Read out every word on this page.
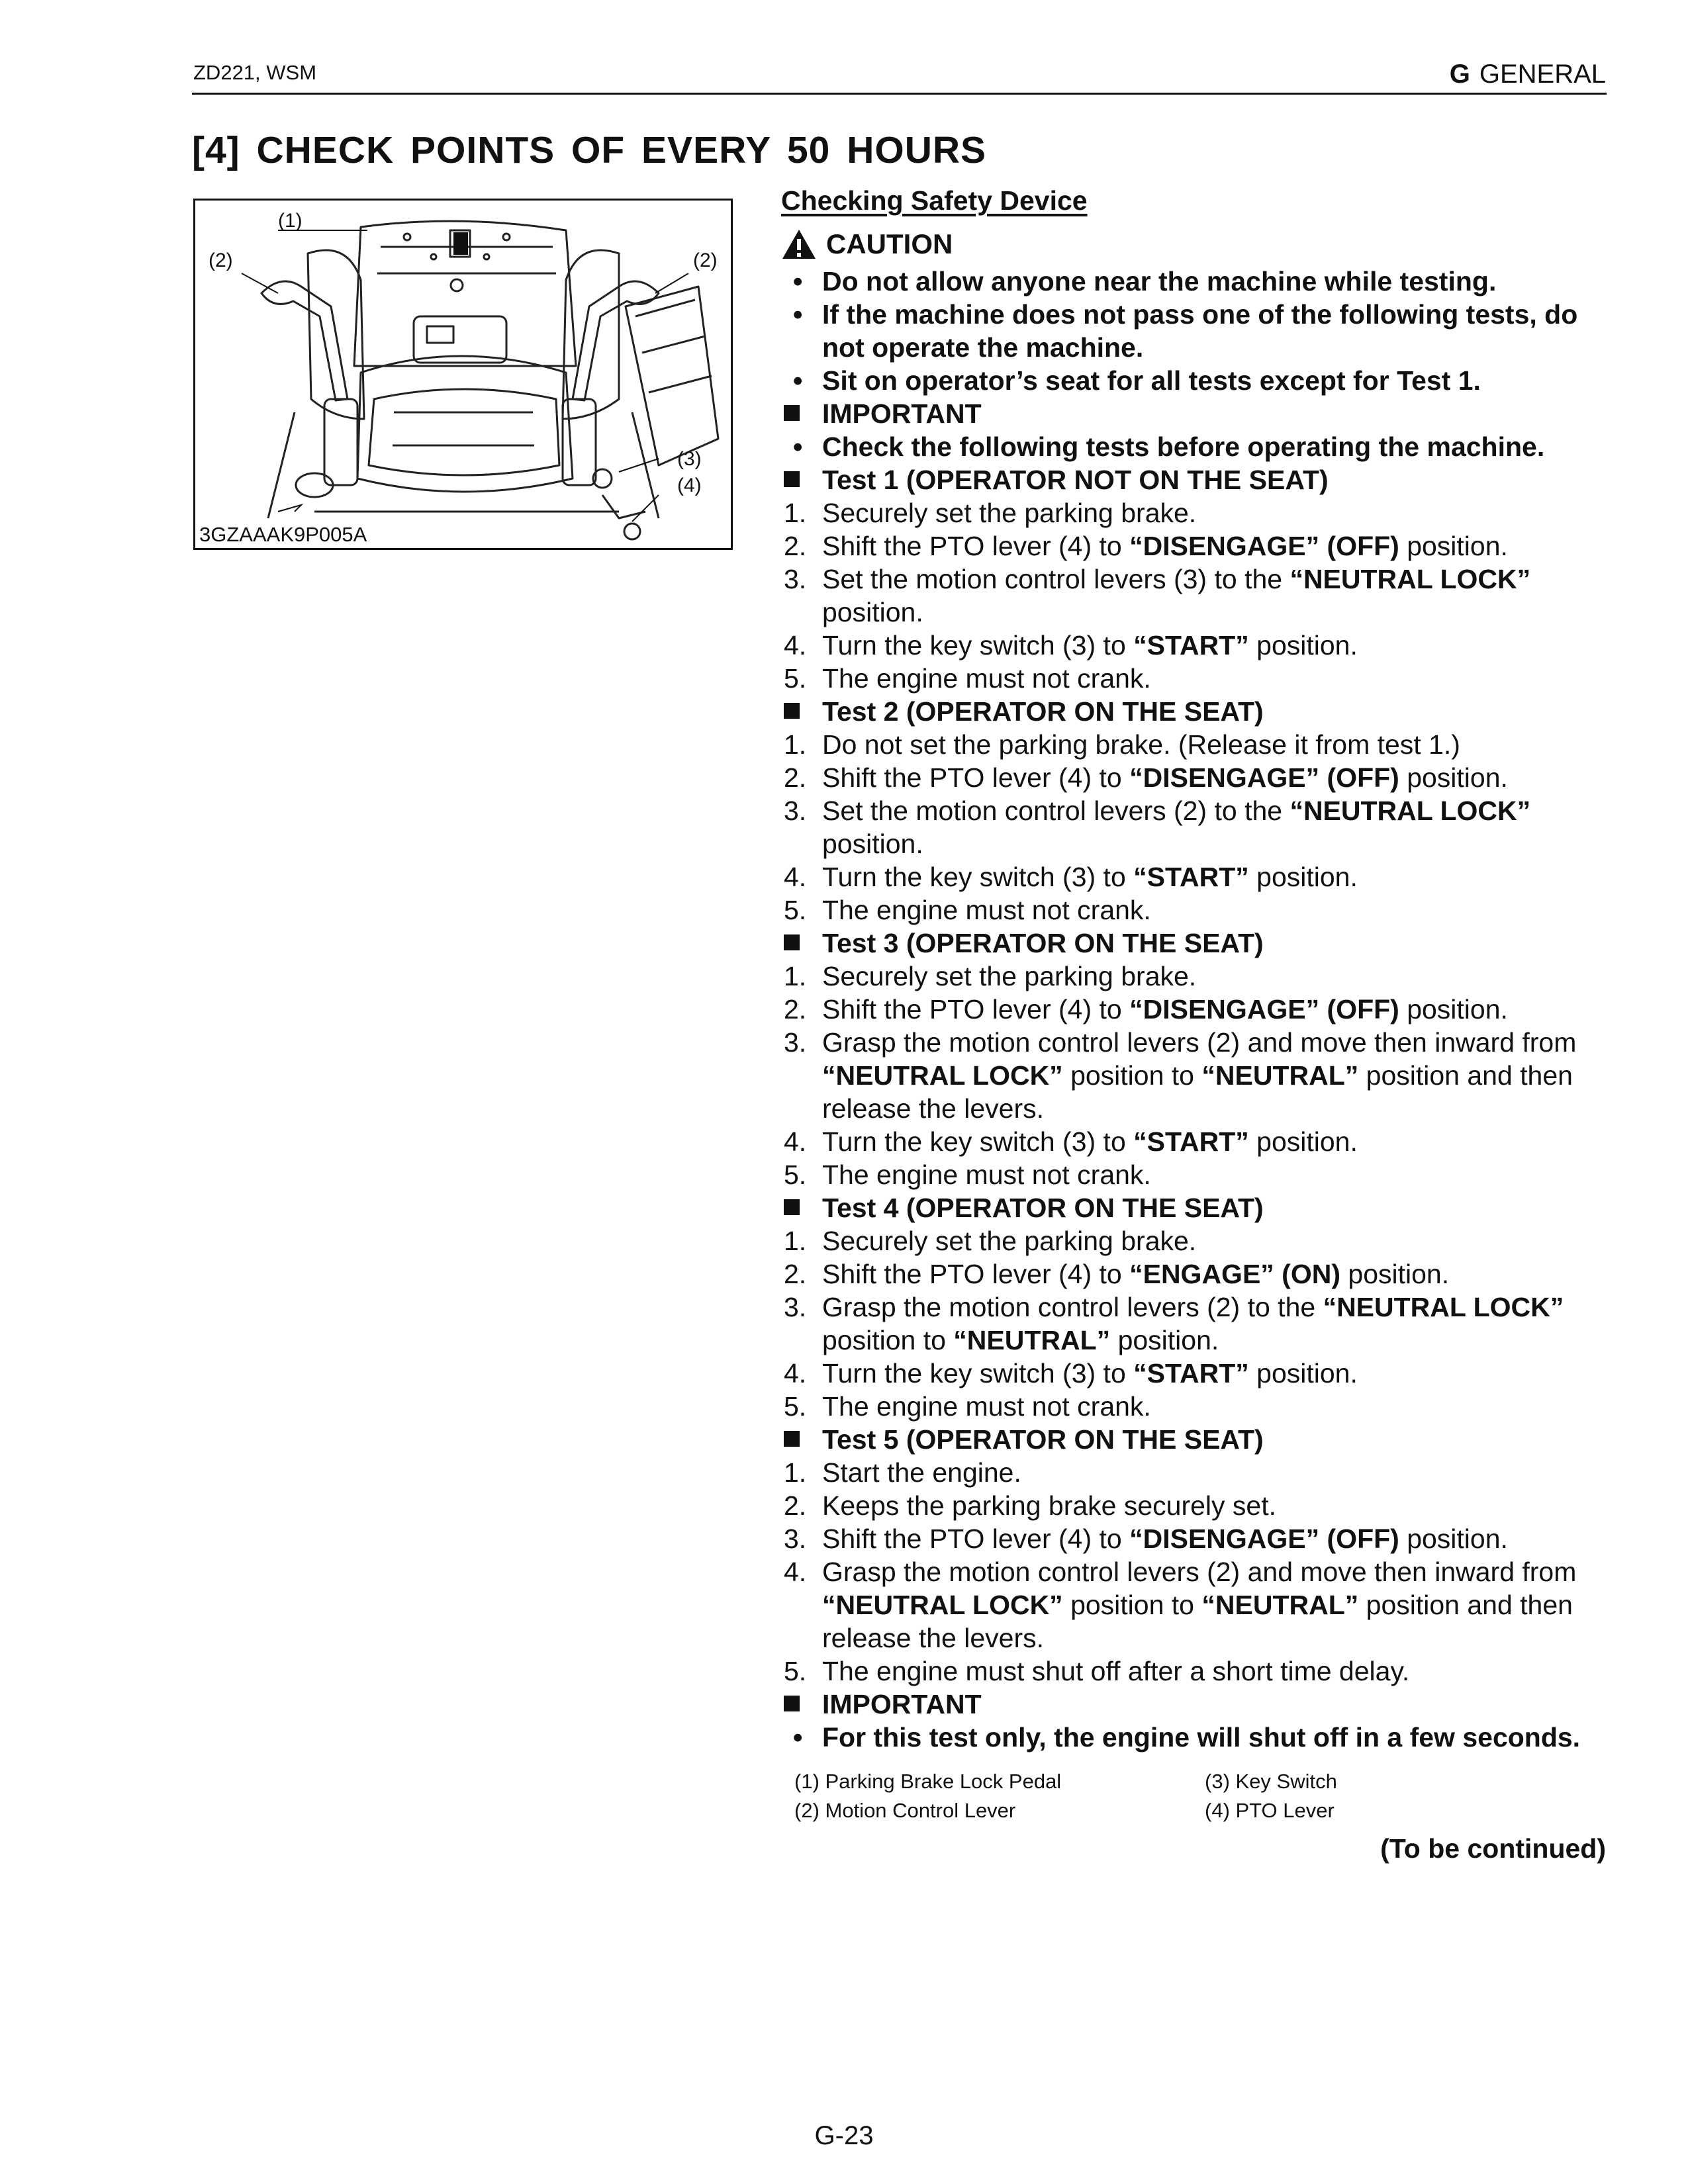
ZD221, WSM	G GENERAL
[4] CHECK POINTS OF EVERY 50 HOURS
(1)
(2)	(2)
(3)
(4)
3GZAAAK9P005A
Checking Safety Device
CAUTION
• Do not allow anyone near the machine while testing.
• If the machine does not pass one of the following tests, do not operate the machine.
• Sit on operator’s seat for all tests except for Test 1.
IMPORTANT
• Check the following tests before operating the machine.
Test 1 (OPERATOR NOT ON THE SEAT)
1. Securely set the parking brake.
2. Shift the PTO lever (4) to “DISENGAGE” (OFF) position.
3. Set the motion control levers (3) to the “NEUTRAL LOCK” position.
4. Turn the key switch (3) to “START” position.
5. The engine must not crank.
Test 2 (OPERATOR ON THE SEAT)
1. Do not set the parking brake. (Release it from test 1.)
2. Shift the PTO lever (4) to “DISENGAGE” (OFF) position.
3. Set the motion control levers (2) to the “NEUTRAL LOCK” position.
4. Turn the key switch (3) to “START” position.
5. The engine must not crank.
Test 3 (OPERATOR ON THE SEAT)
1. Securely set the parking brake.
2. Shift the PTO lever (4) to “DISENGAGE” (OFF) position.
3. Grasp the motion control levers (2) and move then inward from “NEUTRAL LOCK” position to “NEUTRAL” position and then release the levers.
4. Turn the key switch (3) to “START” position.
5. The engine must not crank.
Test 4 (OPERATOR ON THE SEAT)
1. Securely set the parking brake.
2. Shift the PTO lever (4) to “ENGAGE” (ON) position.
3. Grasp the motion control levers (2) to the “NEUTRAL LOCK” position to “NEUTRAL” position.
4. Turn the key switch (3) to “START” position.
5. The engine must not crank.
Test 5 (OPERATOR ON THE SEAT)
1. Start the engine.
2. Keeps the parking brake securely set.
3. Shift the PTO lever (4) to “DISENGAGE” (OFF) position.
4. Grasp the motion control levers (2) and move then inward from “NEUTRAL LOCK” position to “NEUTRAL” position and then release the levers.
5. The engine must shut off after a short time delay.
IMPORTANT
• For this test only, the engine will shut off in a few seconds.
(1) Parking Brake Lock Pedal	(3) Key Switch
(2) Motion Control Lever	(4) PTO Lever
(To be continued)
G-23
